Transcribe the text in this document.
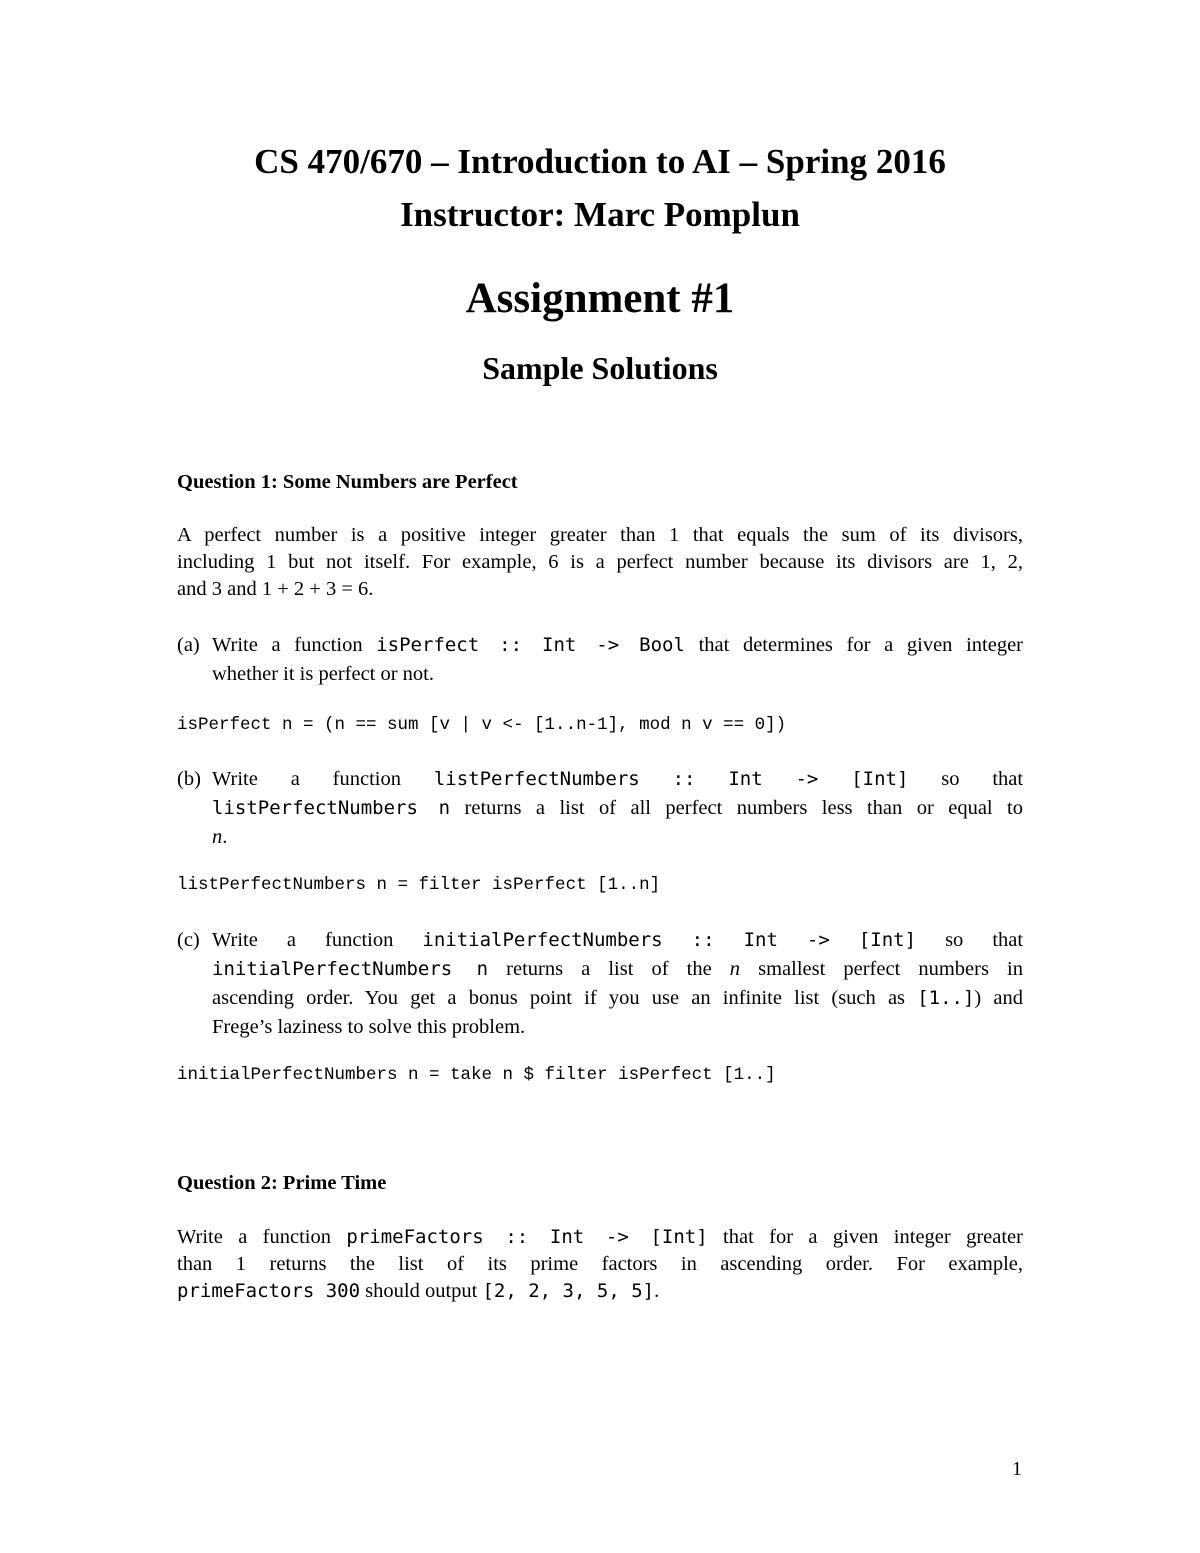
CS 470/670 – Introduction to AI – Spring 2016

Instructor: Marc Pomplun

Assignment #1

Sample Solutions

Question 1: Some Numbers are Perfect

A perfect number is a positive integer greater than 1 that equals the sum of its divisors,
including 1 but not itself. For example, 6 is a perfect number because its divisors are 1, 2,
and 3 and 1 + 2 + 3 = 6.
(a) Write a function isPerfect :: Int -> Bool that determines for a given integer
whether it is perfect or not.

isPerfect n = (n == sum [v | v <- [1..n-1], mod n v == 0])

(b) Write a function listPerfectNumbers :: Int -> [Int] so that
listPerfectNumbers n returns a list of all perfect numbers less than or equal to
n.

listPerfectNumbers n = filter isPerfect [1..n]

(c) Write a function initialPerfectNumbers :: Int -> [Int] so that
initialPerfectNumbers n returns a list of the n smallest perfect numbers in
ascending order. You get a bonus point if you use an infinite list (such as [1..]) and
Frege’s laziness to solve this problem.

initialPerfectNumbers n = take n $ filter isPerfect [1..]

Question 2: Prime Time

Write a function primeFactors :: Int -> [Int] that for a given integer greater
than 1 returns the list of its prime factors in ascending order. For example,
primeFactors 300 should output [2, 2, 3, 5, 5].

1
